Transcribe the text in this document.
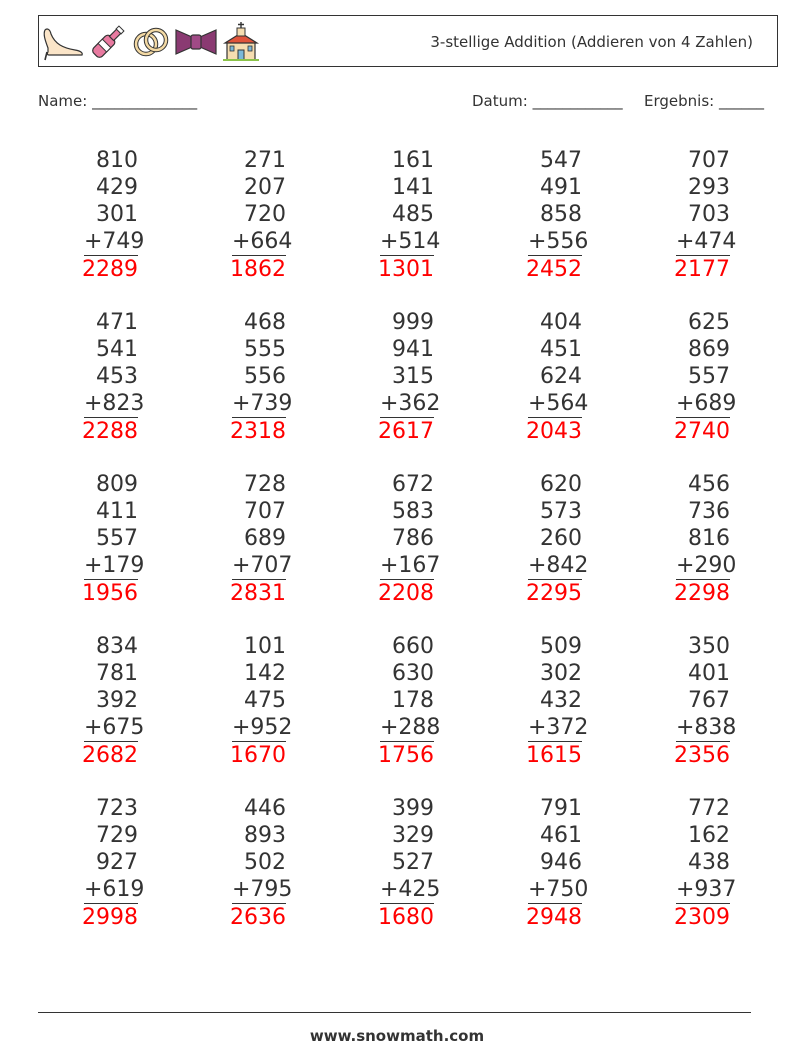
3-stellige Addition (Addieren von 4 Zahlen)
Name: ______________	Datum: ____________ Ergebnis: ______
810
429
301
+749
2289
271
207
720
+664
1862
161
141
485
+514
1301
547
491
858
+556
2452
707
293
703
+474
2177
471
541
453
+823
2288
468
555
556
+739
2318
999
941
315
+362
2617
404
451
624
+564
2043
625
869
557
+689
2740
809
411
557
+179
1956
728
707
689
+707
2831
672
583
786
+167
2208
620
573
260
+842
2295
456
736
816
+290
2298
834
781
392
+675
2682
101
142
475
+952
1670
660
630
178
+288
1756
509
302
432
+372
1615
350
401
767
+838
2356
723
729
927
+619
2998
446
893
502
+795
2636
399
329
527
+425
1680
791
461
946
+750
2948
772
162
438
+937
2309
www.snowmath.com
